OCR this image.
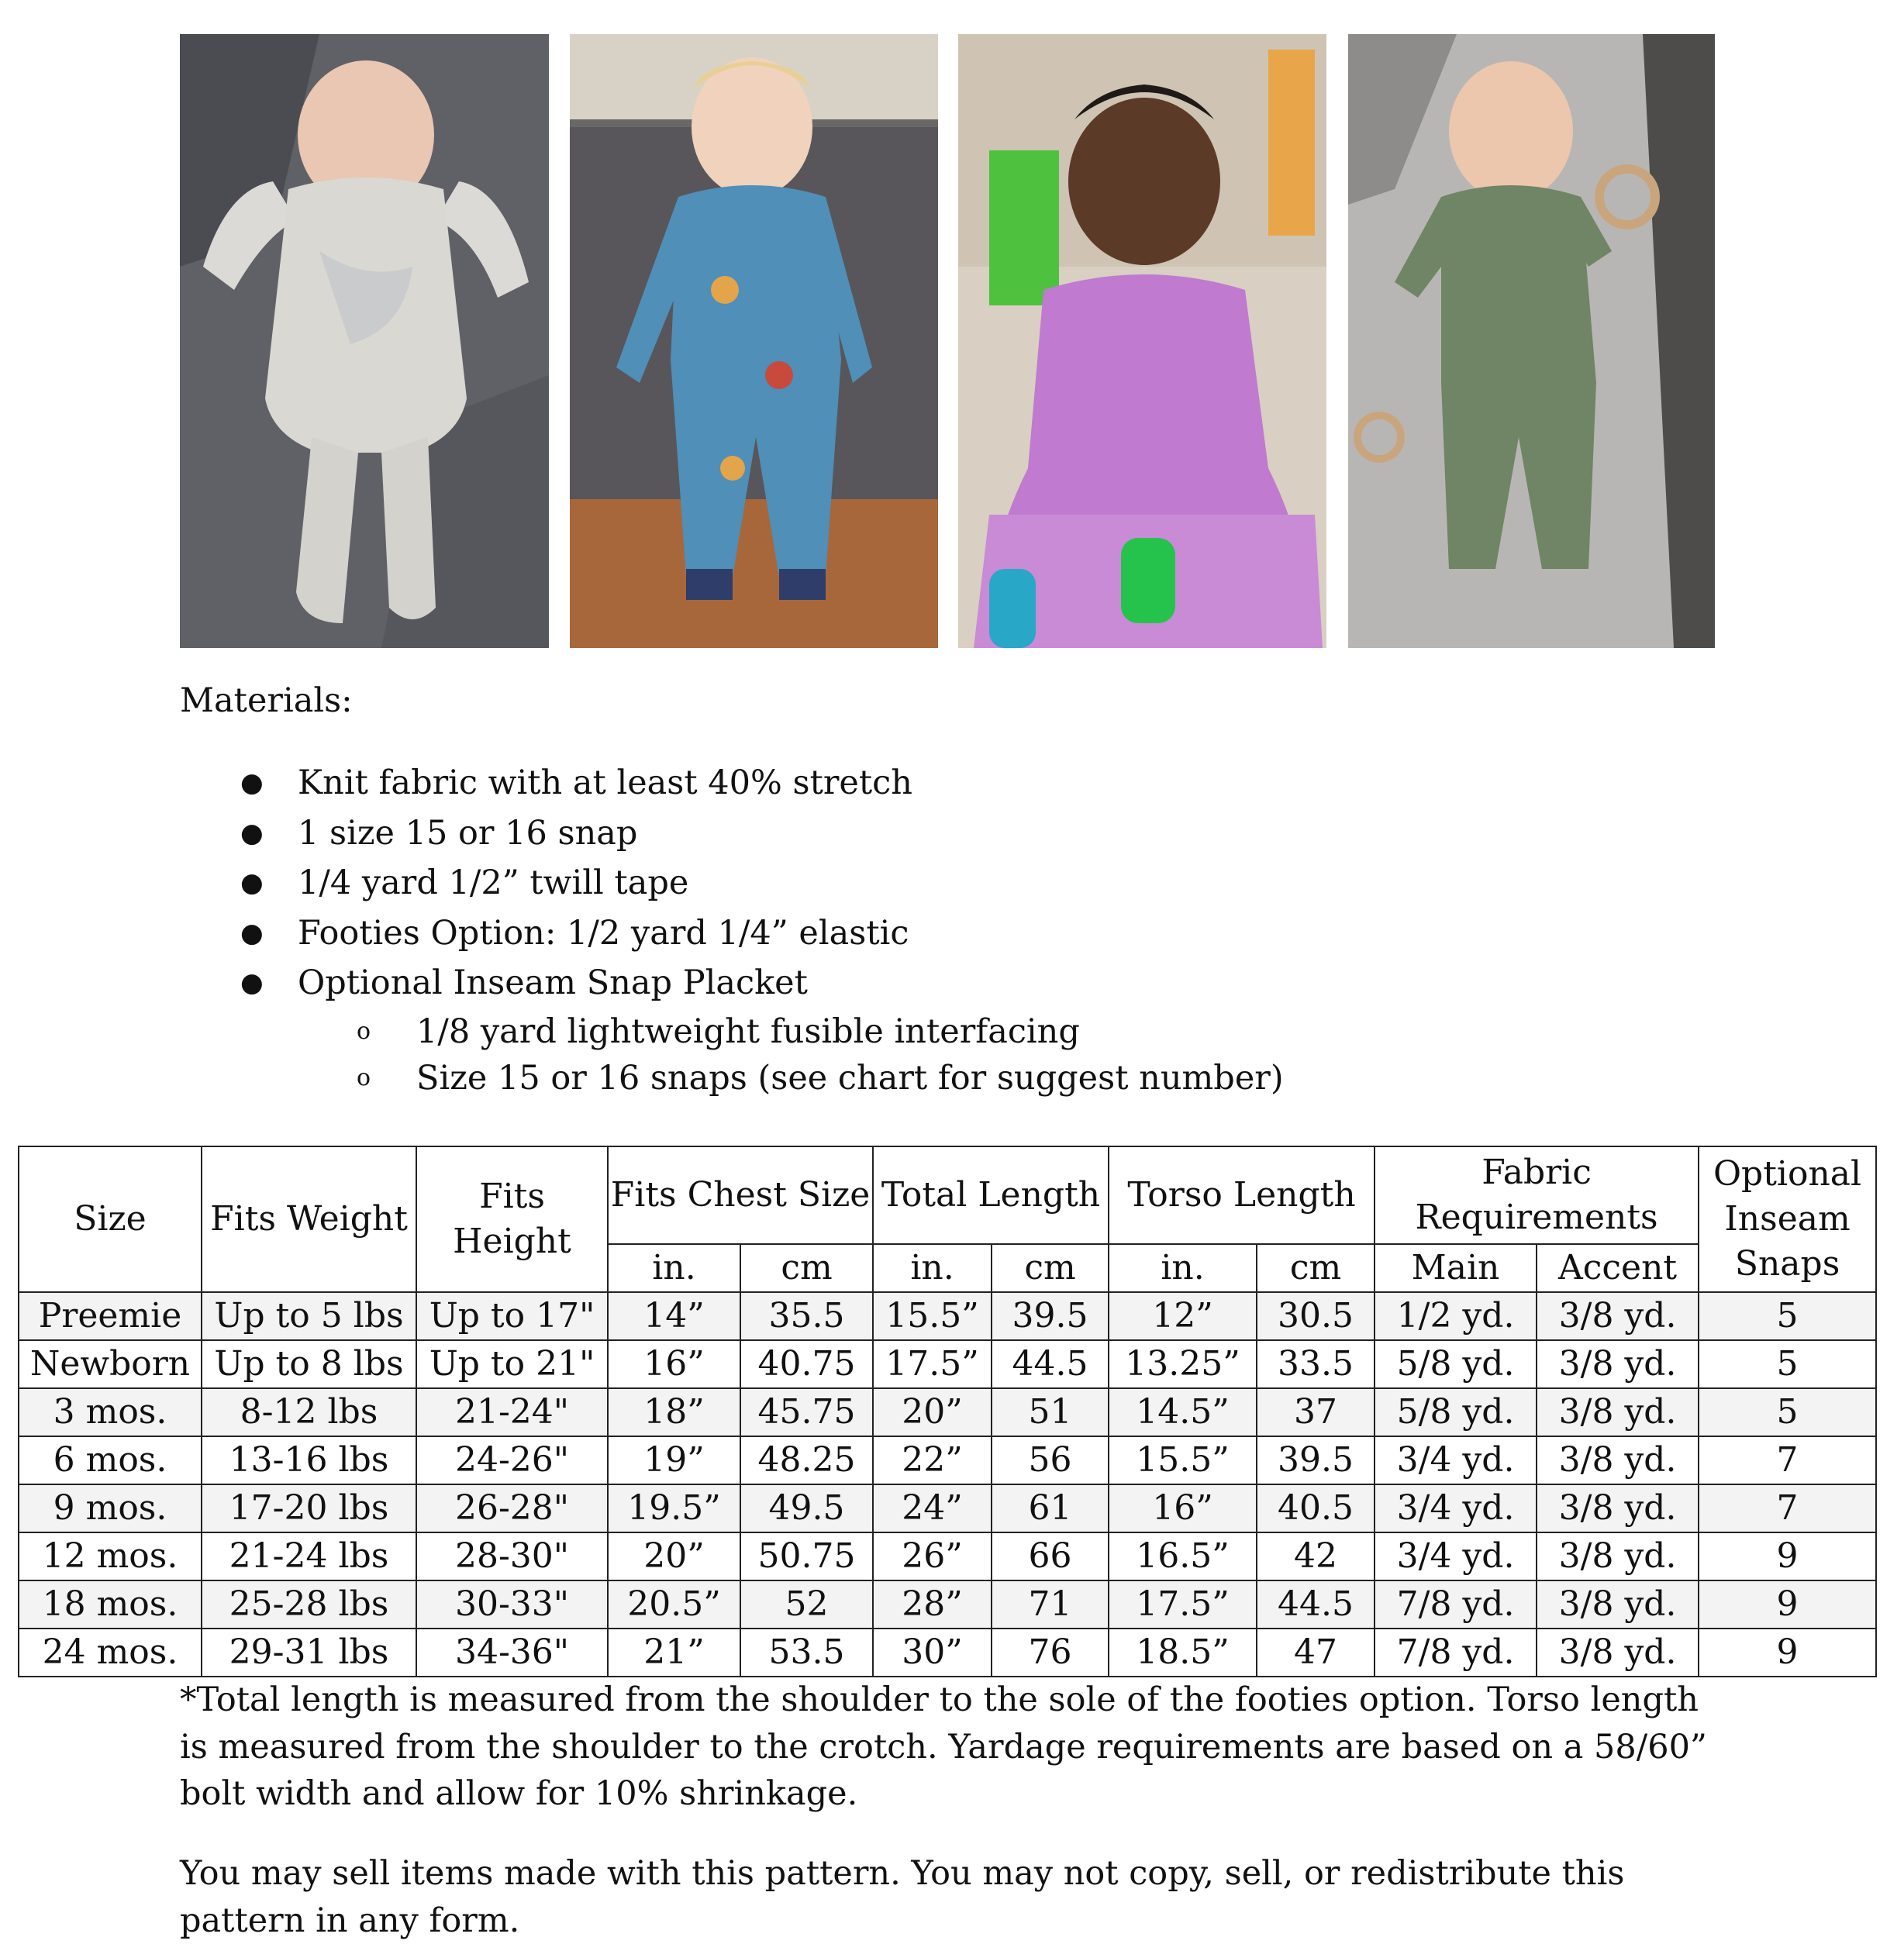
Materials:
● Knit fabric with at least 40% stretch
● 1 size 15 or 16 snap
● 1/4 yard 1/2” twill tape
● Footies Option: 1/2 yard 1/4” elastic
● Optional Inseam Snap Placket
o 1/8 yard lightweight fusible interfacing
o Size 15 or 16 snaps (see chart for suggest number)
Size	Fits Weight	Fits Height	Fits Chest Size		Total Length		Torso Length		Fabric Requirements		Optional Inseam Snaps
			in.	cm	in.	cm	in.	cm	Main	Accent	
Preemie	Up to 5 lbs	Up to 17"	14”	35.5	15.5”	39.5	12”	30.5	1/2 yd.	3/8 yd.	5
Newborn	Up to 8 lbs	Up to 21"	16”	40.75	17.5”	44.5	13.25”	33.5	5/8 yd.	3/8 yd.	5
3 mos.	8-12 lbs	21-24"	18”	45.75	20”	51	14.5”	37	5/8 yd.	3/8 yd.	5
6 mos.	13-16 lbs	24-26"	19”	48.25	22”	56	15.5”	39.5	3/4 yd.	3/8 yd.	7
9 mos.	17-20 lbs	26-28"	19.5”	49.5	24”	61	16”	40.5	3/4 yd.	3/8 yd.	7
12 mos.	21-24 lbs	28-30"	20”	50.75	26”	66	16.5”	42	3/4 yd.	3/8 yd.	9
18 mos.	25-28 lbs	30-33"	20.5”	52	28”	71	17.5”	44.5	7/8 yd.	3/8 yd.	9
24 mos.	29-31 lbs	34-36"	21”	53.5	30”	76	18.5”	47	7/8 yd.	3/8 yd.	9

*Total length is measured from the shoulder to the sole of the footies option. Torso length is measured from the shoulder to the crotch. Yardage requirements are based on a 58/60” bolt width and allow for 10% shrinkage.

You may sell items made with this pattern. You may not copy, sell, or redistribute this pattern in any form.
